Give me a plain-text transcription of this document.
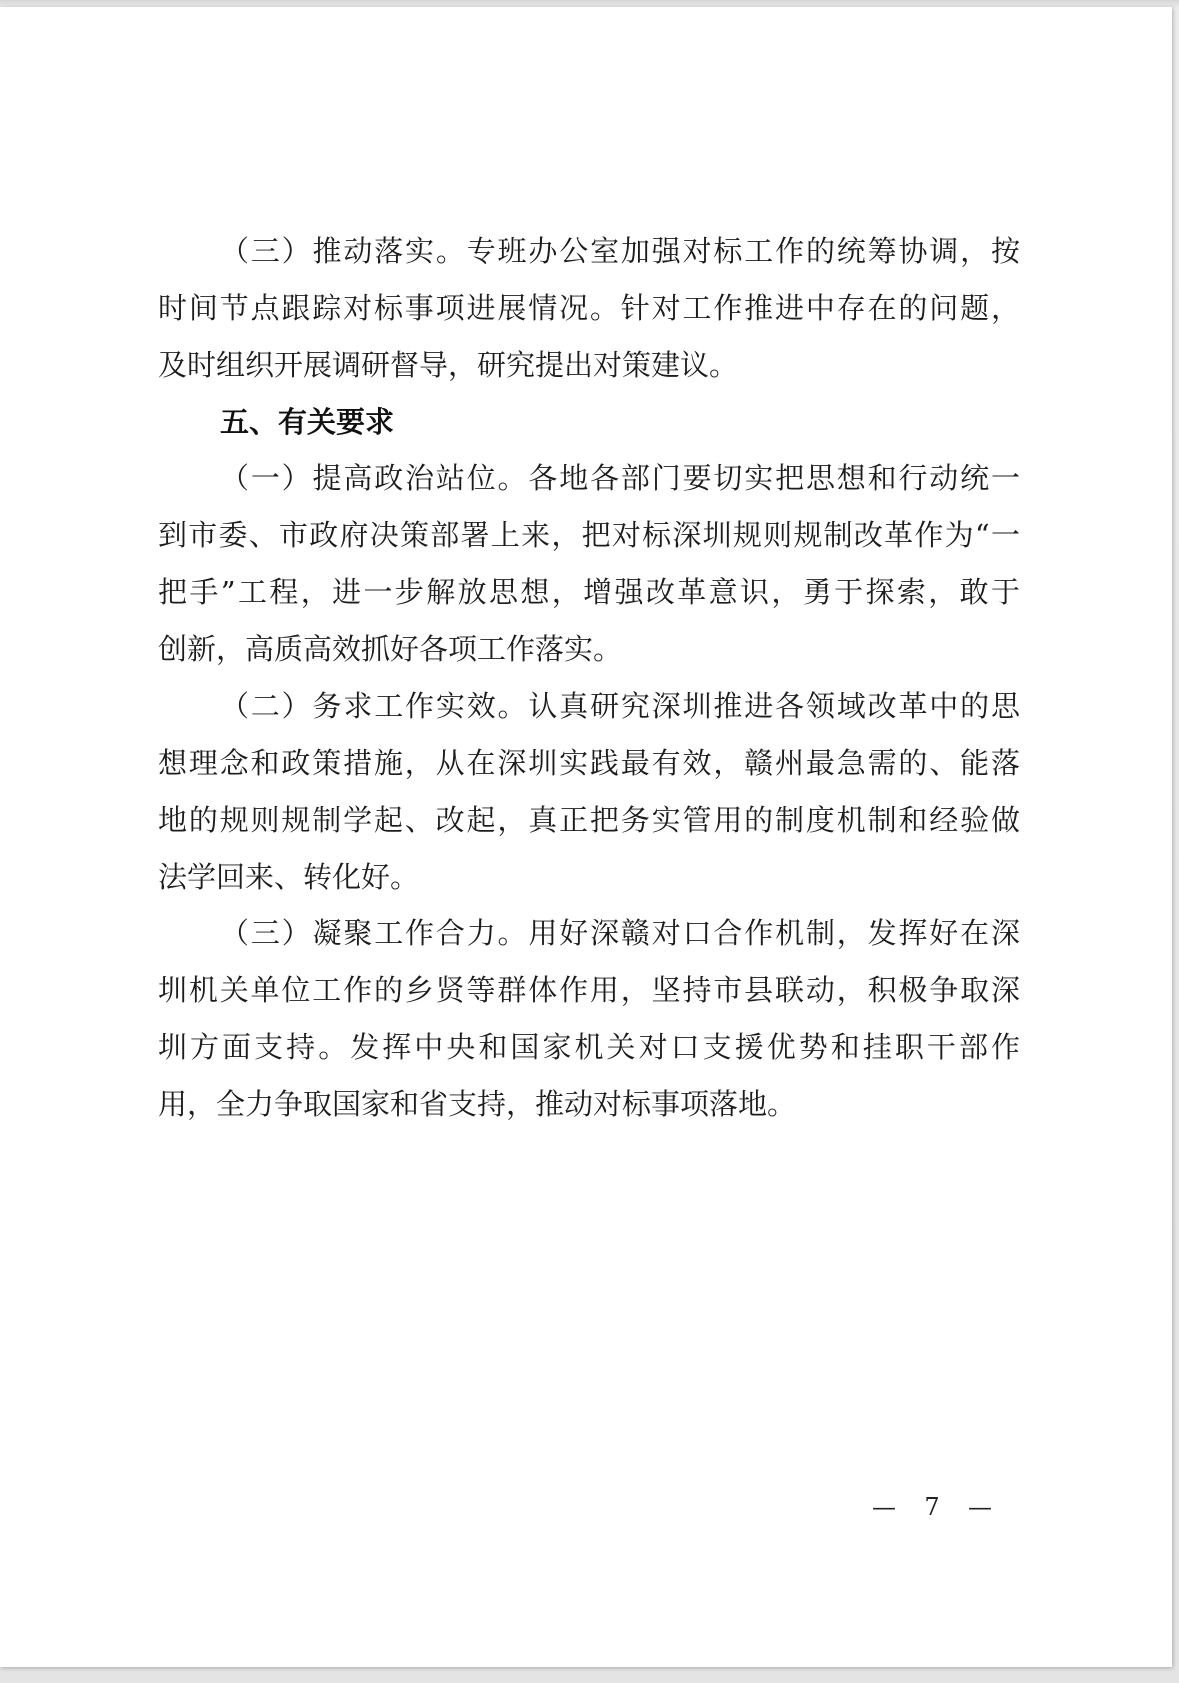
（三）推动落实。专班办公室加强对标工作的统筹协调，按
时间节点跟踪对标事项进展情况。针对工作推进中存在的问题，
及时组织开展调研督导，研究提出对策建议。
五、有关要求
（一）提高政治站位。各地各部门要切实把思想和行动统一
到市委、市政府决策部署上来，把对标深圳规则规制改革作为“一
把手”工程，进一步解放思想，增强改革意识，勇于探索，敢于
创新，高质高效抓好各项工作落实。
（二）务求工作实效。认真研究深圳推进各领域改革中的思
想理念和政策措施，从在深圳实践最有效，赣州最急需的、能落
地的规则规制学起、改起，真正把务实管用的制度机制和经验做
法学回来、转化好。
（三）凝聚工作合力。用好深赣对口合作机制，发挥好在深
圳机关单位工作的乡贤等群体作用，坚持市县联动，积极争取深
圳方面支持。发挥中央和国家机关对口支援优势和挂职干部作
用，全力争取国家和省支持，推动对标事项落地。
— 7 —
